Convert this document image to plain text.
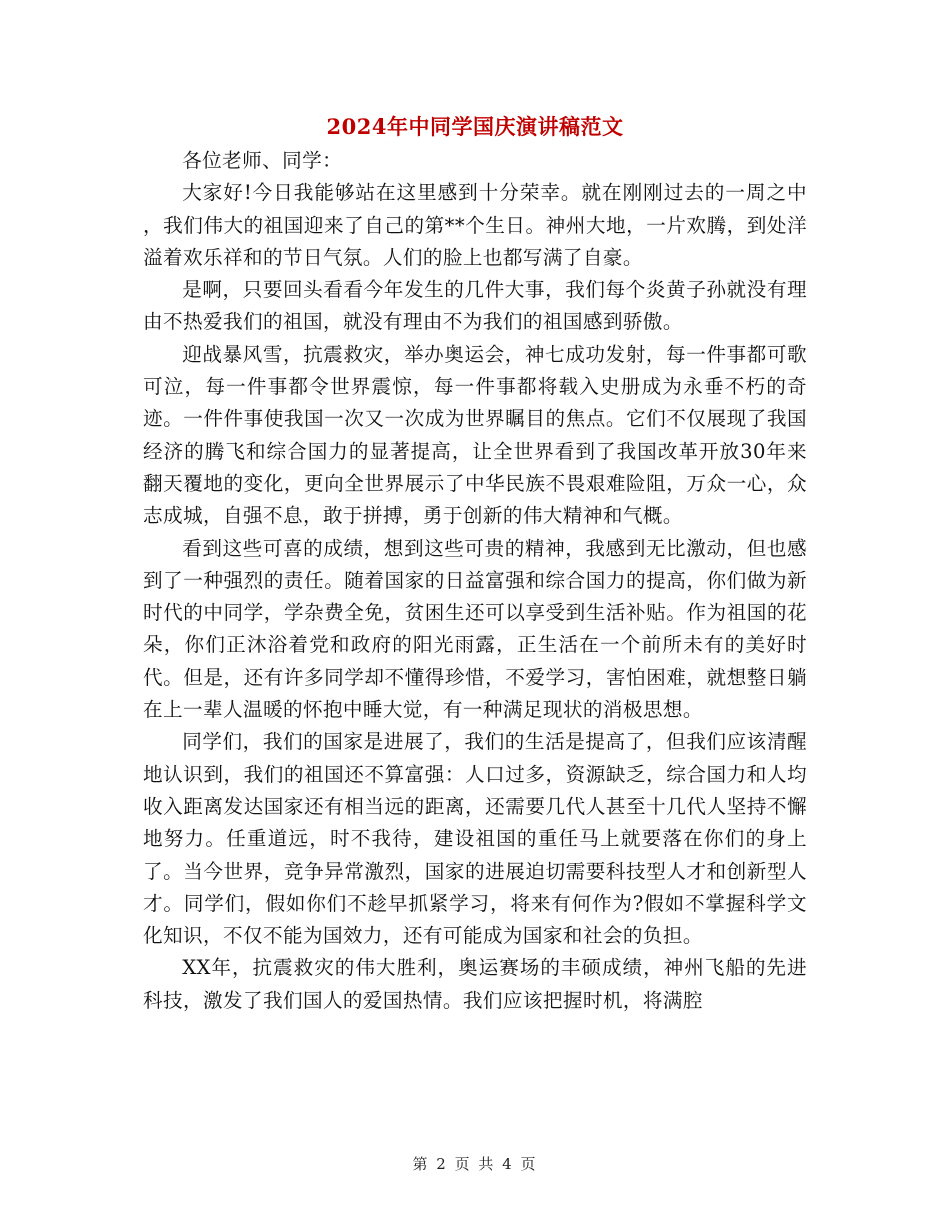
2024年中同学国庆演讲稿范文

各位老师、同学：

大家好!今日我能够站在这里感到十分荣幸。就在刚刚过去的一周之中 ，我们伟大的祖国迎来了自己的第**个生日。神州大地，一片欢腾，到处洋溢着欢乐祥和的节日气氛。人们的脸上也都写满了自豪。

是啊，只要回头看看今年发生的几件大事，我们每个炎黄子孙就没有理由不热爱我们的祖国，就没有理由不为我们的祖国感到骄傲。

迎战暴风雪，抗震救灾，举办奥运会，神七成功发射，每一件事都可歌可泣，每一件事都令世界震惊，每一件事都将载入史册成为永垂不朽的奇迹。一件件事使我国一次又一次成为世界瞩目的焦点。它们不仅展现了我国经济的腾飞和综合国力的显著提高，让全世界看到了我国改革开放30年来翻天覆地的变化，更向全世界展示了中华民族不畏艰难险阻，万众一心，众志成城，自强不息，敢于拼搏，勇于创新的伟大精神和气概。

看到这些可喜的成绩，想到这些可贵的精神，我感到无比激动，但也感到了一种强烈的责任。随着国家的日益富强和综合国力的提高，你们做为新时代的中同学，学杂费全免，贫困生还可以享受到生活补贴。作为祖国的花朵，你们正沐浴着党和政府的阳光雨露，正生活在一个前所未有的美好时代。但是，还有许多同学却不懂得珍惜，不爱学习，害怕困难，就想整日躺在上一辈人温暖的怀抱中睡大觉，有一种满足现状的消极思想。

同学们，我们的国家是进展了，我们的生活是提高了，但我们应该清醒地认识到，我们的祖国还不算富强：人口过多，资源缺乏，综合国力和人均收入距离发达国家还有相当远的距离，还需要几代人甚至十几代人坚持不懈地努力。任重道远，时不我待，建设祖国的重任马上就要落在你们的身上了。当今世界，竞争异常激烈，国家的进展迫切需要科技型人才和创新型人才。同学们，假如你们不趁早抓紧学习，将来有何作为?假如不掌握科学文化知识，不仅不能为国效力，还有可能成为国家和社会的负担。

XX年，抗震救灾的伟大胜利，奥运赛场的丰硕成绩，神州飞船的先进科技，激发了我们国人的爱国热情。我们应该把握时机，将满腔

第 2 页 共 4 页
